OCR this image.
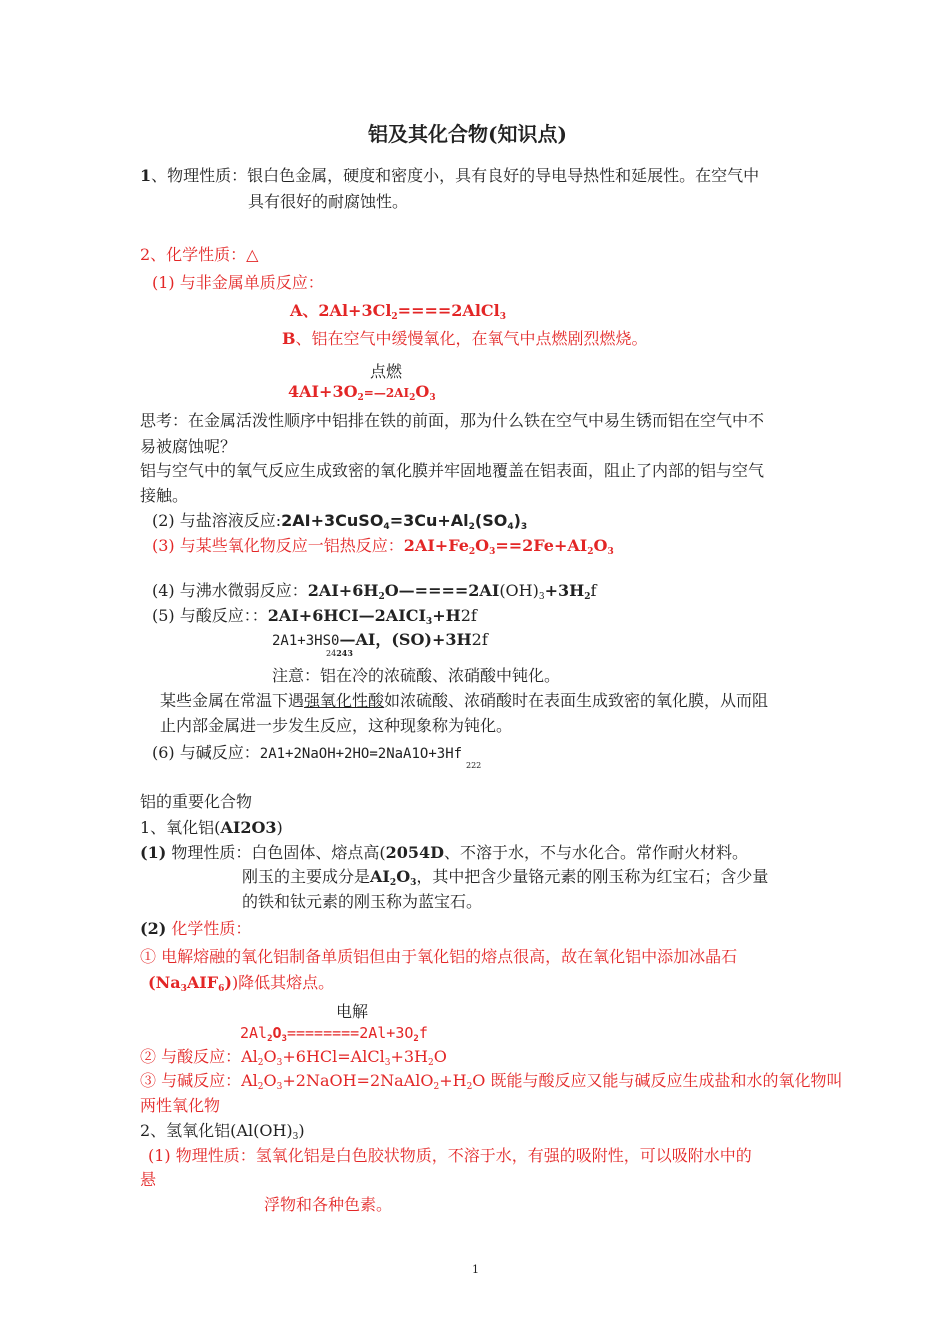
铝及其化合物(知识点)
1、物理性质：银白色金属，硬度和密度小，具有良好的导电导热性和延展性。在空气中
具有很好的耐腐蚀性。
2、化学性质：△
(1) 与非金属单质反应：
A、$2Al+3Cl_2====2AlCl_3$
B、铝在空气中缓慢氧化，在氧气中点燃剧烈燃烧。
点燃
$4AI+3O_2=—2AI_2O_3$
思考：在金属活泼性顺序中铝排在铁的前面，那为什么铁在空气中易生锈而铝在空气中不
易被腐蚀呢？
铝与空气中的氧气反应生成致密的氧化膜并牢固地覆盖在铝表面，阻止了内部的铝与空气
接触。
(2) 与盐溶液反应$:2AI+3CuSO_4=3Cu+Al_2(SO_4)_3$
(3) 与某些氧化物反应一铝热反应：$2AI+Fe_2O_3==2Fe+AI_2O_3$
(4) 与沸水微弱反应：$2AI+6H_2O—====2AI(OH)_3+3H_2f$
(5) 与酸反应：：$2AI+6HCI—2AICI_3+H2f$
2A1+3HS0—AI，(SO)+3H2f
24243
注意：铝在冷的浓硫酸、浓硝酸中钝化。
某些金属在常温下遇强氧化性酸如浓硫酸、浓硝酸时在表面生成致密的氧化膜，从而阻
止内部金属进一步发生反应，这种现象称为钝化。
(6) 与碱反应：2A1+2NaOH+2HO=2NaA1O+3Hf
222
铝的重要化合物
1、氧化铝(AI2O3)
(1) 物理性质：白色固体、熔点高(2054D、不溶于水，不与水化合。常作耐火材料。
刚玉的主要成分是$AI_2O_3$，其中把含少量铬元素的刚玉称为红宝石；含少量
的铁和钛元素的刚玉称为蓝宝石。
(2) 化学性质：
① 电解熔融的氧化铝制备单质铝但由于氧化铝的熔点很高，故在氧化铝中添加冰晶石
$(Na_3AIF_6)$)降低其熔点。
电解
$2Al_2O_3========2Al+3O_2f$
② 与酸反应：$Al_2O_3+6HCl=AlCl_3+3H_2O$
③ 与碱反应：$Al_2O_3+2NaOH=2NaAlO_2+H_2O$ 既能与酸反应又能与碱反应生成盐和水的氧化物叫
两性氧化物
2、氢氧化铝$(Al(OH)_3)$
(1) 物理性质：氢氧化铝是白色胶状物质，不溶于水，有强的吸附性，可以吸附水中的
悬
浮物和各种色素。
1
